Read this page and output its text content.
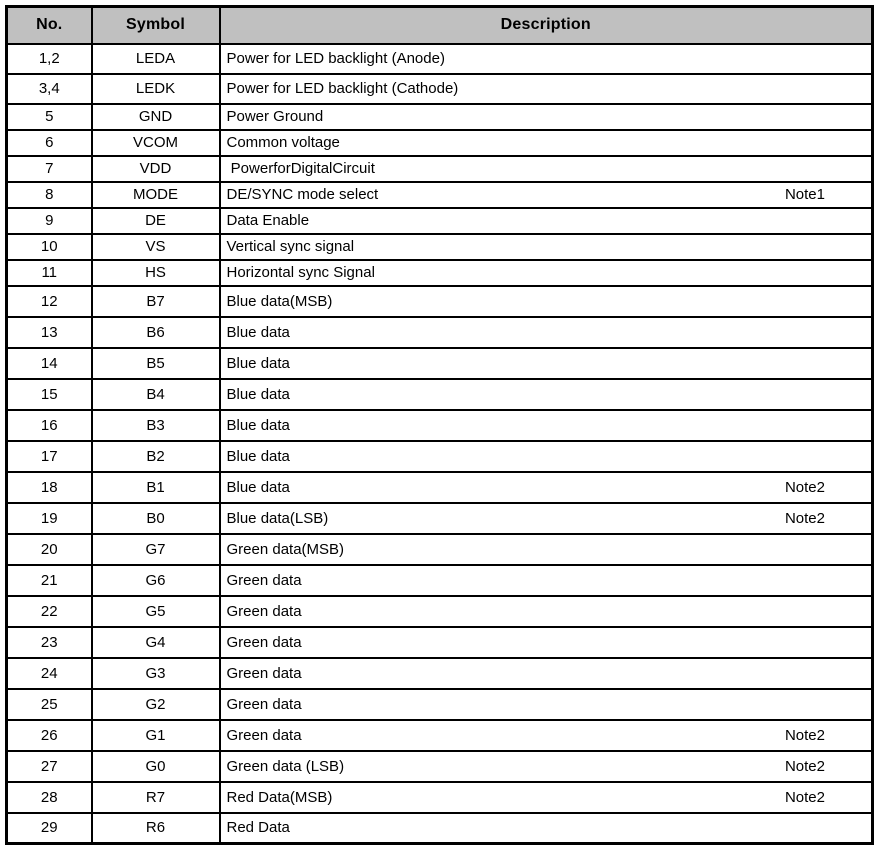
No.	Symbol	Description
1,2	LEDA	Power for LED backlight (Anode)

3,4	LEDK	Power for LED backlight (Cathode)

5	GND	Power Ground

6	VCOM	Common voltage

7	VDD	PowerforDigitalCircuit

8	MODE	DE/SYNC mode select Note1

9	DE	Data Enable

10	VS	Vertical sync signal

11	HS	Horizontal sync Signal

12	B7	Blue data(MSB)

13	B6	Blue data

14	B5	Blue data

15	B4	Blue data

16	B3	Blue data

17	B2	Blue data

18	B1	Blue data Note2

19	B0	Blue data(LSB) Note2

20	G7	Green data(MSB)

21	G6	Green data

22	G5	Green data

23	G4	Green data

24	G3	Green data

25	G2	Green data

26	G1	Green data Note2

27	G0	Green data (LSB) Note2

28	R7	Red Data(MSB) Note2

29	R6	Red Data
